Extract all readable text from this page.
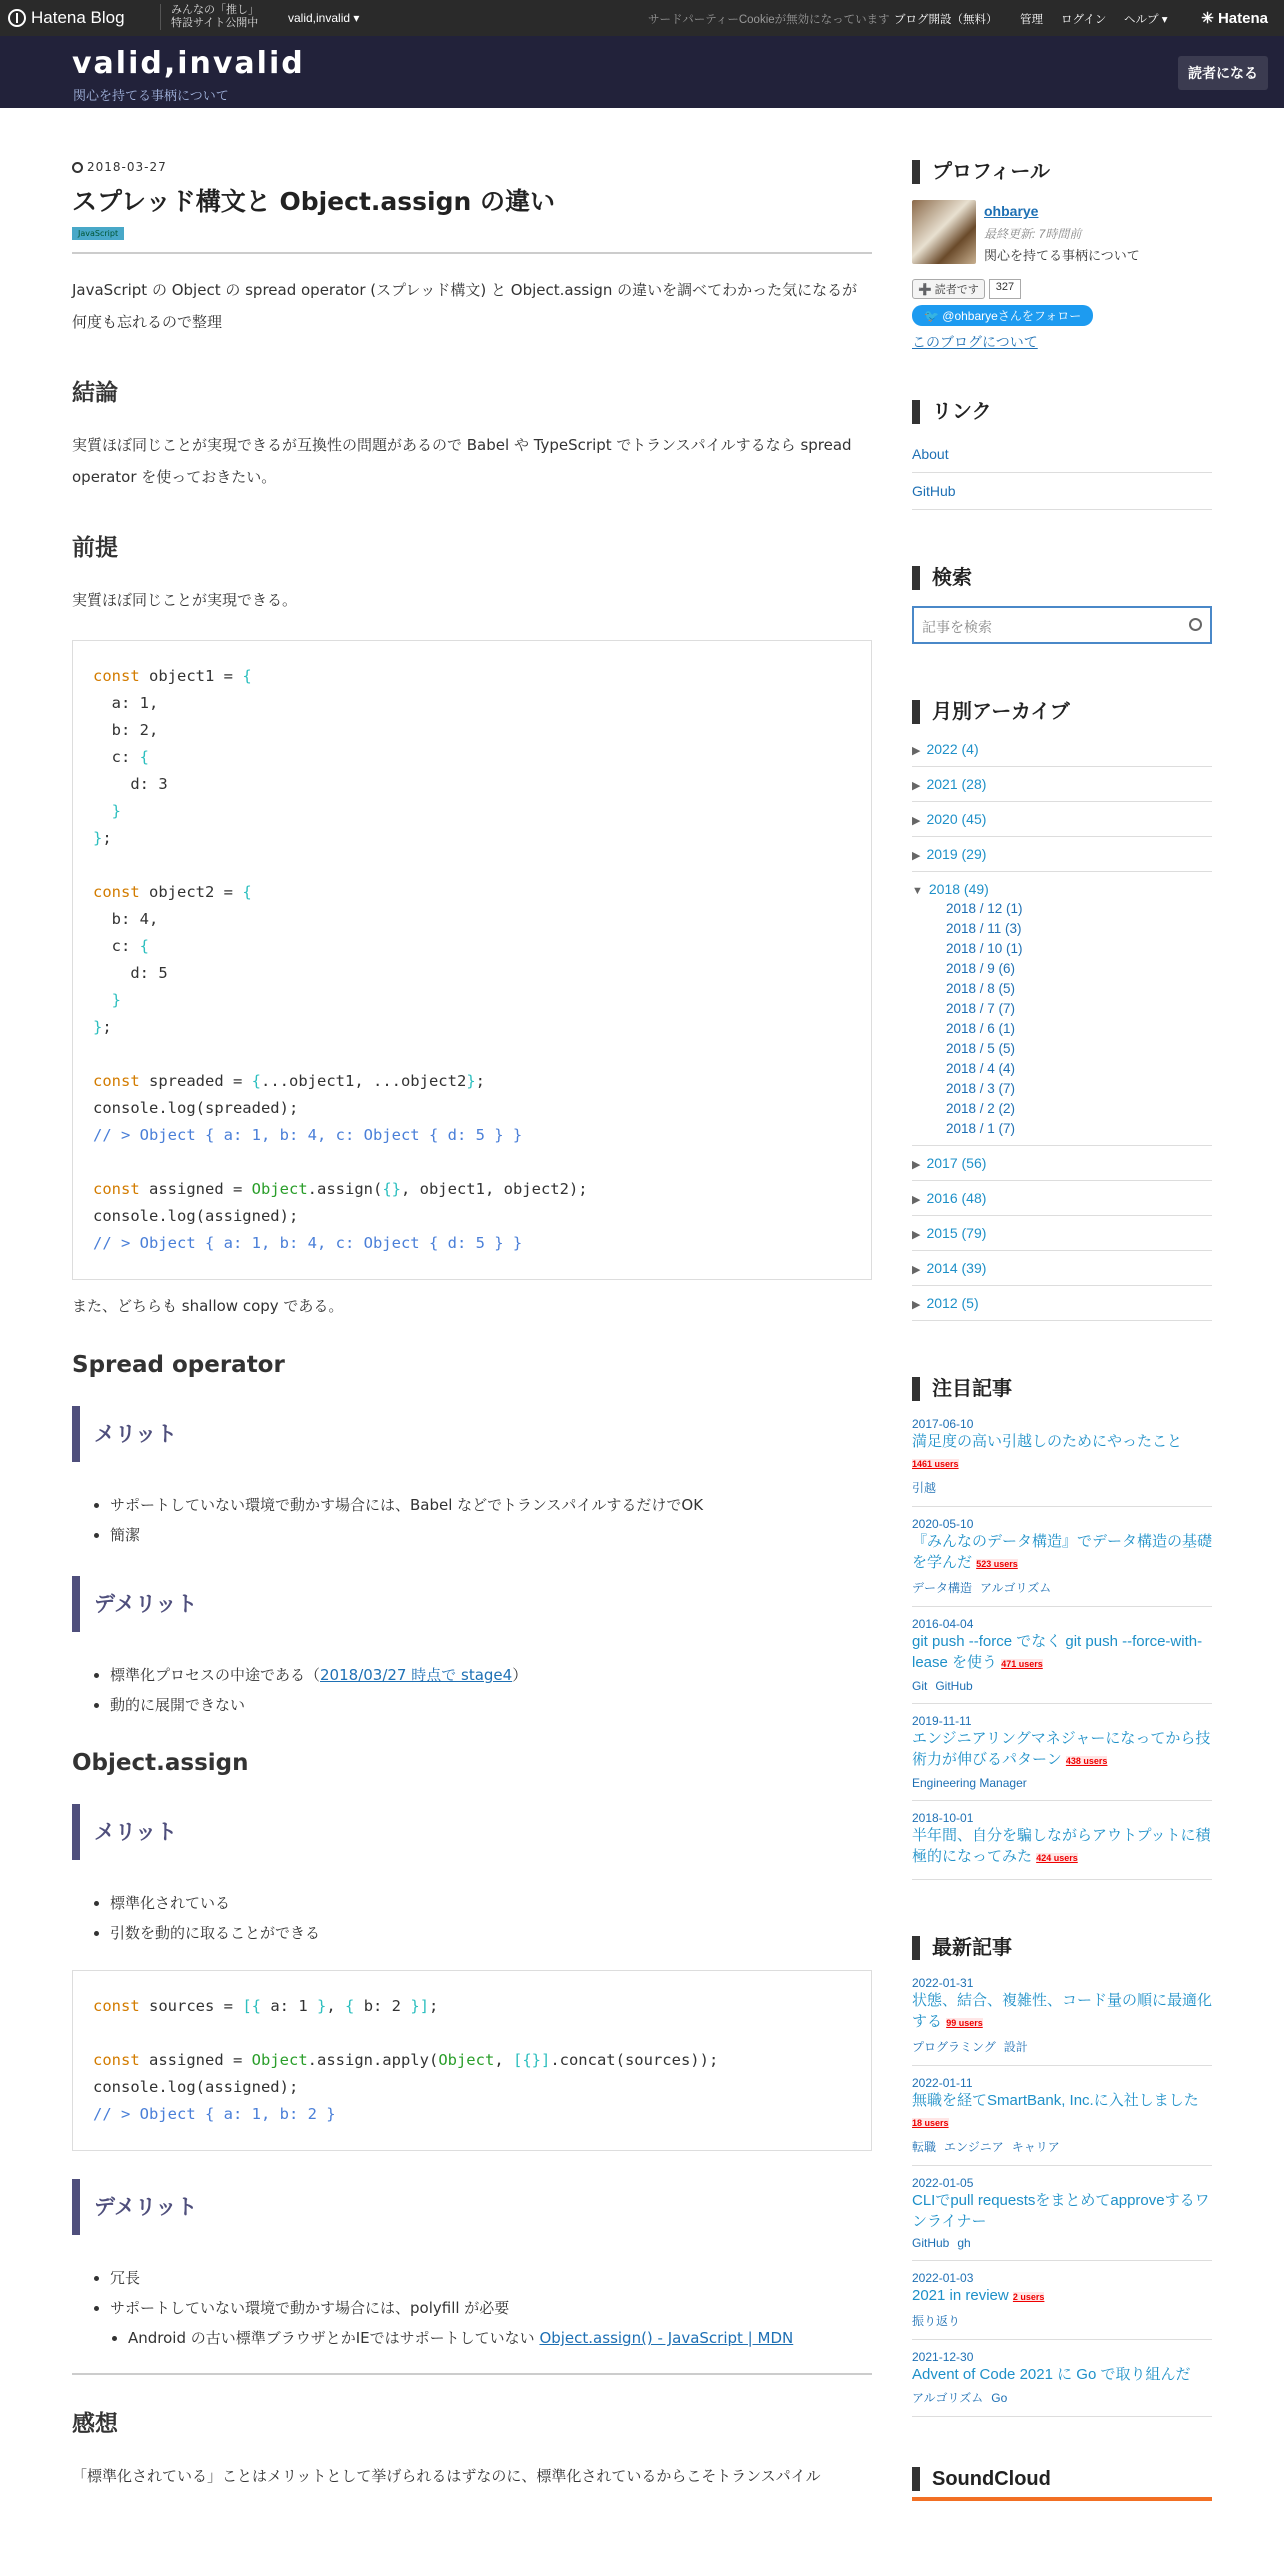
Hatena Blog	みんなの「推し」
特設サイト公開中	valid,invalid ▾	サードパーティーCookieが無効になっています ブログ開設（無料） 管理 ログイン ヘルプ ▾ ✳ Hatena
valid,invalid
関心を持てる事柄について
読者になる
2018-03-27
スプレッド構文と Object.assign の違い
JavaScript

JavaScript の Object の spread operator (スプレッド構文) と Object.assign の違いを調べてわかった気になるが何度も忘れるので整理

結論

実質ほぼ同じことが実現できるが互換性の問題があるので Babel や TypeScript でトランスパイルするなら spread operator を使っておきたい。

前提

実質ほぼ同じことが実現できる。

const object1 = {
a: 1,
b: 2,
c: {
d: 3
}
};

const object2 = {
b: 4,
c: {
d: 5
}
};

const spreaded = {...object1, ...object2};
console.log(spreaded);
// > Object { a: 1, b: 4, c: Object { d: 5 } }

const assigned = Object.assign({}, object1, object2);
console.log(assigned);
// > Object { a: 1, b: 4, c: Object { d: 5 } }

また、どちらも shallow copy である。

Spread operator
メリット
• サポートしていない環境で動かす場合には、Babel などでトランスパイルするだけでOK
• 簡潔
デメリット
• 標準化プロセスの中途である（2018/03/27 時点で stage4）
• 動的に展開できない
Object.assign
メリット
• 標準化されている
• 引数を動的に取ることができる
const sources = [{ a: 1 }, { b: 2 }];

const assigned = Object.assign.apply(Object, [{}].concat(sources));
console.log(assigned);
// > Object { a: 1, b: 2 }
デメリット
• 冗長
• サポートしていない環境で動かす場合には、polyfill が必要
• Android の古い標準ブラウザとかIEではサポートしていない Object.assign() - JavaScript | MDN
感想

「標準化されている」ことはメリットとして挙げられるはずなのに、標準化されているからこそトランスパイル

プロフィール
ohbarye
最終更新: 7時間前
関心を持てる事柄について
➕ 読者です	327
🐦 @ohbaryeさんをフォロー
このブログについて
リンク
About
GitHub
検索
記事を検索
月別アーカイブ
▶ 2022 (4)
▶ 2021 (28)
▶ 2020 (45)
▶ 2019 (29)
▼ 2018 (49)
2018 / 12 (1)
2018 / 11 (3)
2018 / 10 (1)
2018 / 9 (6)
2018 / 8 (5)
2018 / 7 (7)
2018 / 6 (1)
2018 / 5 (5)
2018 / 4 (4)
2018 / 3 (7)
2018 / 2 (2)
2018 / 1 (7)
▶ 2017 (56)
▶ 2016 (48)
▶ 2015 (79)
▶ 2014 (39)
▶ 2012 (5)
注目記事
2017-06-10
満足度の高い引越しのためにやったこと
1461 users
引越
2020-05-10
『みんなのデータ構造』でデータ構造の基礎を学んだ 523 users
データ構造 アルゴリズム
2016-04-04
git push --force でなく git push --force-with-lease を使う 471 users
Git GitHub
2019-11-11
エンジニアリングマネジャーになってから技術力が伸びるパターン 438 users
Engineering Manager
2018-10-01
半年間、自分を騙しながらアウトプットに積極的になってみた 424 users
最新記事
2022-01-31
状態、結合、複雑性、コード量の順に最適化する 99 users
プログラミング 設計
2022-01-11
無職を経てSmartBank, Inc.に入社しました
18 users
転職 エンジニア キャリア
2022-01-05
CLIでpull requestsをまとめてapproveするワンライナー
GitHub gh
2022-01-03
2021 in review 2 users
振り返り
2021-12-30
Advent of Code 2021 に Go で取り組んだ
アルゴリズム Go
SoundCloud
